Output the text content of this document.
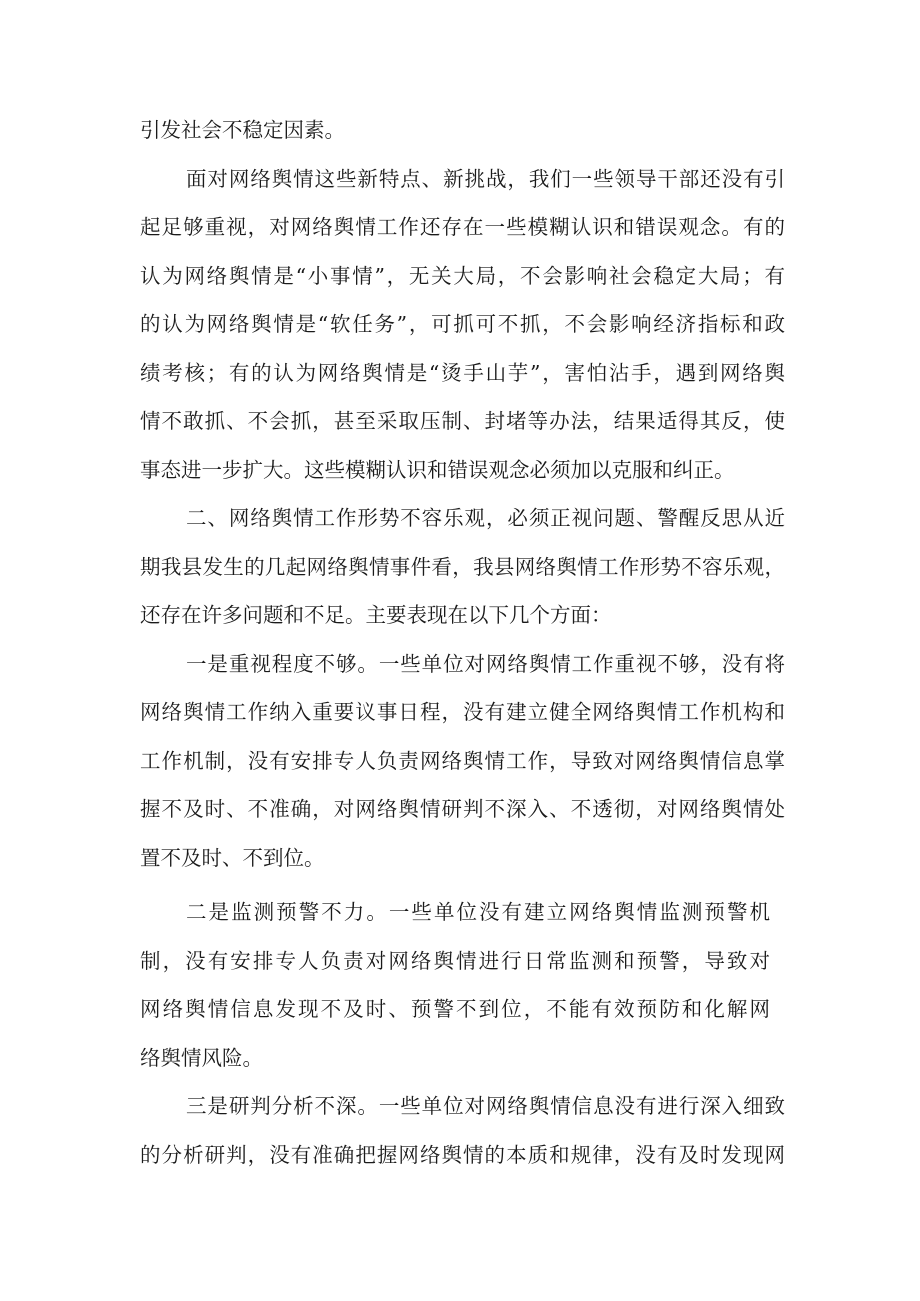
引发社会不稳定因素。
面对网络舆情这些新特点、新挑战，我们一些领导干部还没有引
起足够重视，对网络舆情工作还存在一些模糊认识和错误观念。有的
认为网络舆情是“小事情”，无关大局，不会影响社会稳定大局；有
的认为网络舆情是“软任务”，可抓可不抓，不会影响经济指标和政
绩考核；有的认为网络舆情是“烫手山芋”，害怕沾手，遇到网络舆
情不敢抓、不会抓，甚至采取压制、封堵等办法，结果适得其反，使
事态进一步扩大。这些模糊认识和错误观念必须加以克服和纠正。
二、网络舆情工作形势不容乐观，必须正视问题、警醒反思从近
期我县发生的几起网络舆情事件看，我县网络舆情工作形势不容乐观，
还存在许多问题和不足。主要表现在以下几个方面：
一是重视程度不够。一些单位对网络舆情工作重视不够，没有将
网络舆情工作纳入重要议事日程，没有建立健全网络舆情工作机构和
工作机制，没有安排专人负责网络舆情工作，导致对网络舆情信息掌
握不及时、不准确，对网络舆情研判不深入、不透彻，对网络舆情处
置不及时、不到位。
二是监测预警不力。一些单位没有建立网络舆情监测预警机
制，没有安排专人负责对网络舆情进行日常监测和预警，导致对
网络舆情信息发现不及时、预警不到位，不能有效预防和化解网
络舆情风险。
三是研判分析不深。一些单位对网络舆情信息没有进行深入细致
的分析研判，没有准确把握网络舆情的本质和规律，没有及时发现网
